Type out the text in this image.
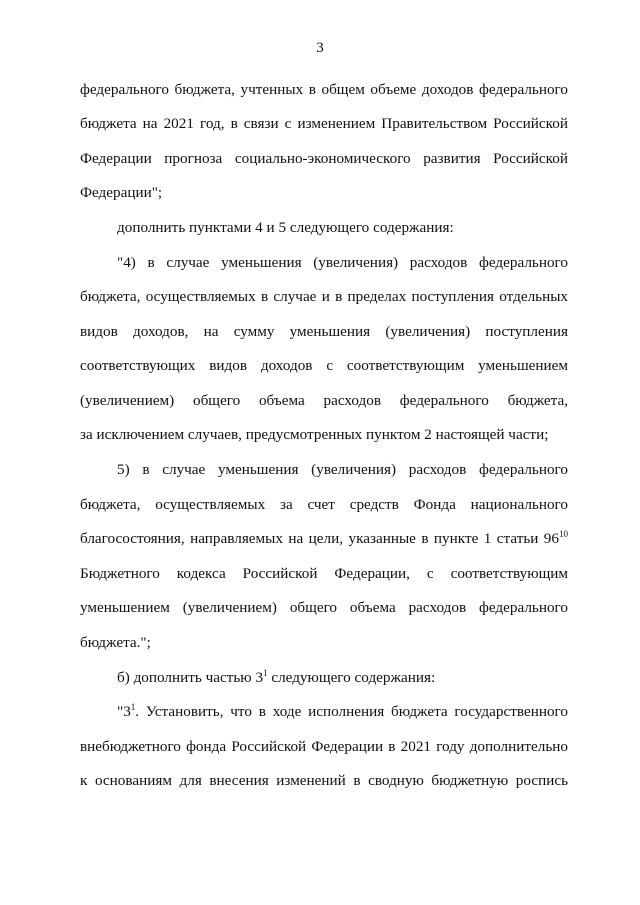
3
федерального бюджета, учтенных в общем объеме доходов федерального
бюджета на 2021 год, в связи с изменением Правительством Российской
Федерации прогноза социально-экономического развития Российской
Федерации";
дополнить пунктами 4 и 5 следующего содержания:
"4) в случае уменьшения (увеличения) расходов федерального
бюджета, осуществляемых в случае и в пределах поступления отдельных
видов доходов, на сумму уменьшения (увеличения) поступления
соответствующих видов доходов с соответствующим уменьшением
(увеличением) общего объема расходов федерального бюджета,
за исключением случаев, предусмотренных пунктом 2 настоящей части;
5) в случае уменьшения (увеличения) расходов федерального
бюджета, осуществляемых за счет средств Фонда национального
благосостояния, направляемых на цели, указанные в пункте 1 статьи $96^{10}$
Бюджетного кодекса Российской Федерации, с соответствующим
уменьшением (увеличением) общего объема расходов федерального
бюджета.";
б) дополнить частью $3^1$ следующего содержания:
"$3^1$. Установить, что в ходе исполнения бюджета государственного
внебюджетного фонда Российской Федерации в 2021 году дополнительно
к основаниям для внесения изменений в сводную бюджетную роспись
